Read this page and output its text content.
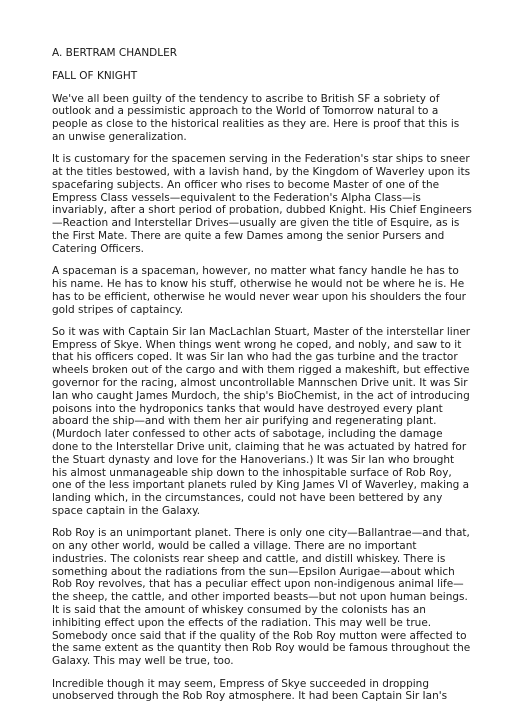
A. BERTRAM CHANDLER

FALL OF KNIGHT

We've all been guilty of the tendency to ascribe to British SF a sobriety of outlook and a pessimistic approach to the World of Tomorrow natural to a people as close to the historical realities as they are. Here is proof that this is an unwise generalization.

It is customary for the spacemen serving in the Federation's star ships to sneer at the titles bestowed, with a lavish hand, by the Kingdom of Waverley upon its spacefaring subjects. An officer who rises to become Master of one of the Empress Class vessels—equivalent to the Federation's Alpha Class—is invariably, after a short period of probation, dubbed Knight. His Chief Engineers —Reaction and Interstellar Drives—usually are given the title of Esquire, as is the First Mate. There are quite a few Dames among the senior Pursers and Catering Officers.

A spaceman is a spaceman, however, no matter what fancy handle he has to his name. He has to know his stuff, otherwise he would not be where he is. He has to be efficient, otherwise he would never wear upon his shoulders the four gold stripes of captaincy.

So it was with Captain Sir Ian MacLachlan Stuart, Master of the interstellar liner Empress of Skye. When things went wrong he coped, and nobly, and saw to it that his officers coped. It was Sir Ian who had the gas turbine and the tractor wheels broken out of the cargo and with them rigged a makeshift, but effective governor for the racing, almost uncontrollable Mannschen Drive unit. It was Sir Ian who caught James Murdoch, the ship's BioChemist, in the act of introducing poisons into the hydroponics tanks that would have destroyed every plant aboard the ship—and with them her air purifying and regenerating plant. (Murdoch later confessed to other acts of sabotage, including the damage done to the Interstellar Drive unit, claiming that he was actuated by hatred for the Stuart dynasty and love for the Hanoverians.) It was Sir Ian who brought his almost unmanageable ship down to the inhospitable surface of Rob Roy, one of the less important planets ruled by King James VI of Waverley, making a landing which, in the circumstances, could not have been bettered by any space captain in the Galaxy.

Rob Roy is an unimportant planet. There is only one city—Ballantrae—and that, on any other world, would be called a village. There are no important industries. The colonists rear sheep and cattle, and distill whiskey. There is something about the radiations from the sun—Epsilon Aurigae—about which Rob Roy revolves, that has a peculiar effect upon non-indigenous animal life—the sheep, the cattle, and other imported beasts—but not upon human beings. It is said that the amount of whiskey consumed by the colonists has an inhibiting effect upon the effects of the radiation. This may well be true. Somebody once said that if the quality of the Rob Roy mutton were affected to the same extent as the quantity then Rob Roy would be famous throughout the Galaxy. This may well be true, too.

Incredible though it may seem, Empress of Skye succeeded in dropping unobserved through the Rob Roy atmosphere. It had been Captain Sir Ian's
